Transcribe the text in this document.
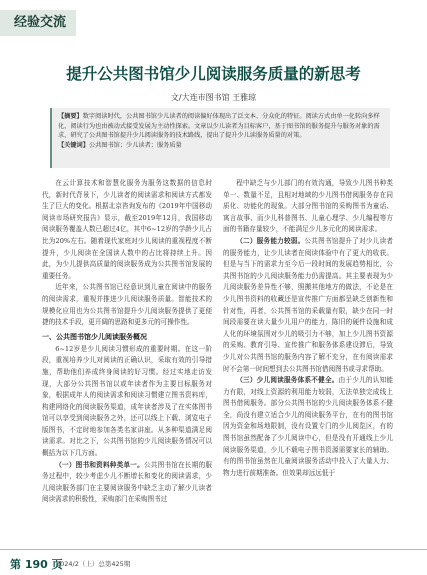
经验交流
提升公共图书馆少儿阅读服务质量的新思考
文/大连市图书馆 王雅琼
【摘要】数字阅读时代，公共图书馆少儿读者的阅读偏好体现出了泛文本、分众化的特征。阅读方式由单一化转向多样化，阅读行为也由被动式接受发展为主动性探索。文章以少儿读者为目标客户，基于图书馆的服务提升与服务对象的需求，研究了公共图书馆提升少儿阅读服务的技术路线，提出了提升少儿读服务质量的对策。
【关键词】公共图书馆；少儿读者；服务质量

在云计算技术和智慧化服务为服务这数据的信息时代，新时代背景下，少儿读者的阅读需求和阅读方式都发生了巨大的变化。根据北京咨询发布的《2019年中国移动阅读市场研究报告》显示，截至2019年12月，我国移动阅读服务覆盖人数已超过4亿，其中6~12岁的学龄少儿占比为20%左右。随着现代家庭对少儿阅读的重视程度不断提升，少儿阅读在全国读人数中的占比将持续上升。因此，为少儿提供高质量的阅读服务成为公共图书馆发展的重要任务。

近年来，公共图书馆已经意识到儿童在阅读中的服务的阅读需求，重视并推进少儿阅读服务质量。智能技术的规模化应用也为公共图书馆提升少儿阅读服务提供了更便捷的技术手段，更开阔的思路和更多元的可操作性。

一、公共图书馆少儿阅读服务概况

6~12岁是少儿阅读习惯形成的重要时期。在这一阶段，重视培养少儿对阅读的正确认识，采取有效的引导措施，帮助他们养成终身阅读的好习惯。经过实地走访发现，大部分公共图书馆以或年读者作为主要目标服务对象，根据成年人的阅读需求和阅读习惯建立图书资料库，构建网络化的阅读服务渠道，成年读者涉及了在实体图书馆可以享受到阅读服务之外，还可以线上下载、浏览电子版图书，不定时地参加各类名家讲座。从多种渠道满足阅读需求。对比之下，公共图书馆的少儿阅读服务情况可以概括为以下几方面。

（一）图书和资料种类单一。公共图书馆在长期的服务过程中，较少考虑少儿不断增长和变化的阅读需求，少儿阅读服务部门在主要阅读服务中缺乏主动了解少儿读者阅读需求的积极性，采购部门在采购图书过

程中缺乏与少儿部门的有效沟通，导致少儿图书种类单一、数量不足，且相对地域的少儿图书借阅服务存在同质化、功能化的现象。大部分图书馆的采购图书为童话、寓言故事、而少儿科普图书、儿童心理学、少儿编程等方面的书籍存量较少，不能满足少儿多元化的阅读需求。

（二）服务能力较弱。公共图书馆提升了对少儿读者的服务能力，让少儿读者在阅读体验中有了更大的收获。但是与当下的需求力至今后一段时间的发展趋势相比，公共图书馆的少儿阅读服务能力仍需提高。其主要表现为少儿阅读服务差异性不够，照搬其他地方的做法，不论是在少儿图书资料的收藏还是宣传推广方面都呈缺乏创新性和针对性，再者，公共图书馆的采载量有限，缺少在同一时间段需要在读大量少儿用户的能力，陈旧的硬件设施和成人化的环境氛围对少儿的吸引力不够，加上少儿图书资源的采购、教育引导、宣传推广和服务体系建设滞后，导致少儿对公共图书馆的服务内容了解不充分，在有阅读需求时不会第一时间想到去公共图书馆借阅图书或寻求帮助。

（三）少儿阅读服务体系不健全。由于少儿的认知能力有限，对线上资源的利用能力较弱，无法单独完成线上图书借阅服务。部分公共图书馆的少儿阅读服务体系不健全，尚没有建立适合少儿的阅读服务平台，在有的图书馆因为资金和场地限制，没有设置专门的少儿阅览区，有的图书馆虽然配备了少儿阅读中心，但是没有开通线上少儿阅读服务渠道，少儿不载电子图书资源需要家长的辅助。有的图书馆虽然在儿童阅读服务活动中投入了大量人力、物力进行前期准备。但效果却远远低于

第 190 页
2024/2（上）总第425期
